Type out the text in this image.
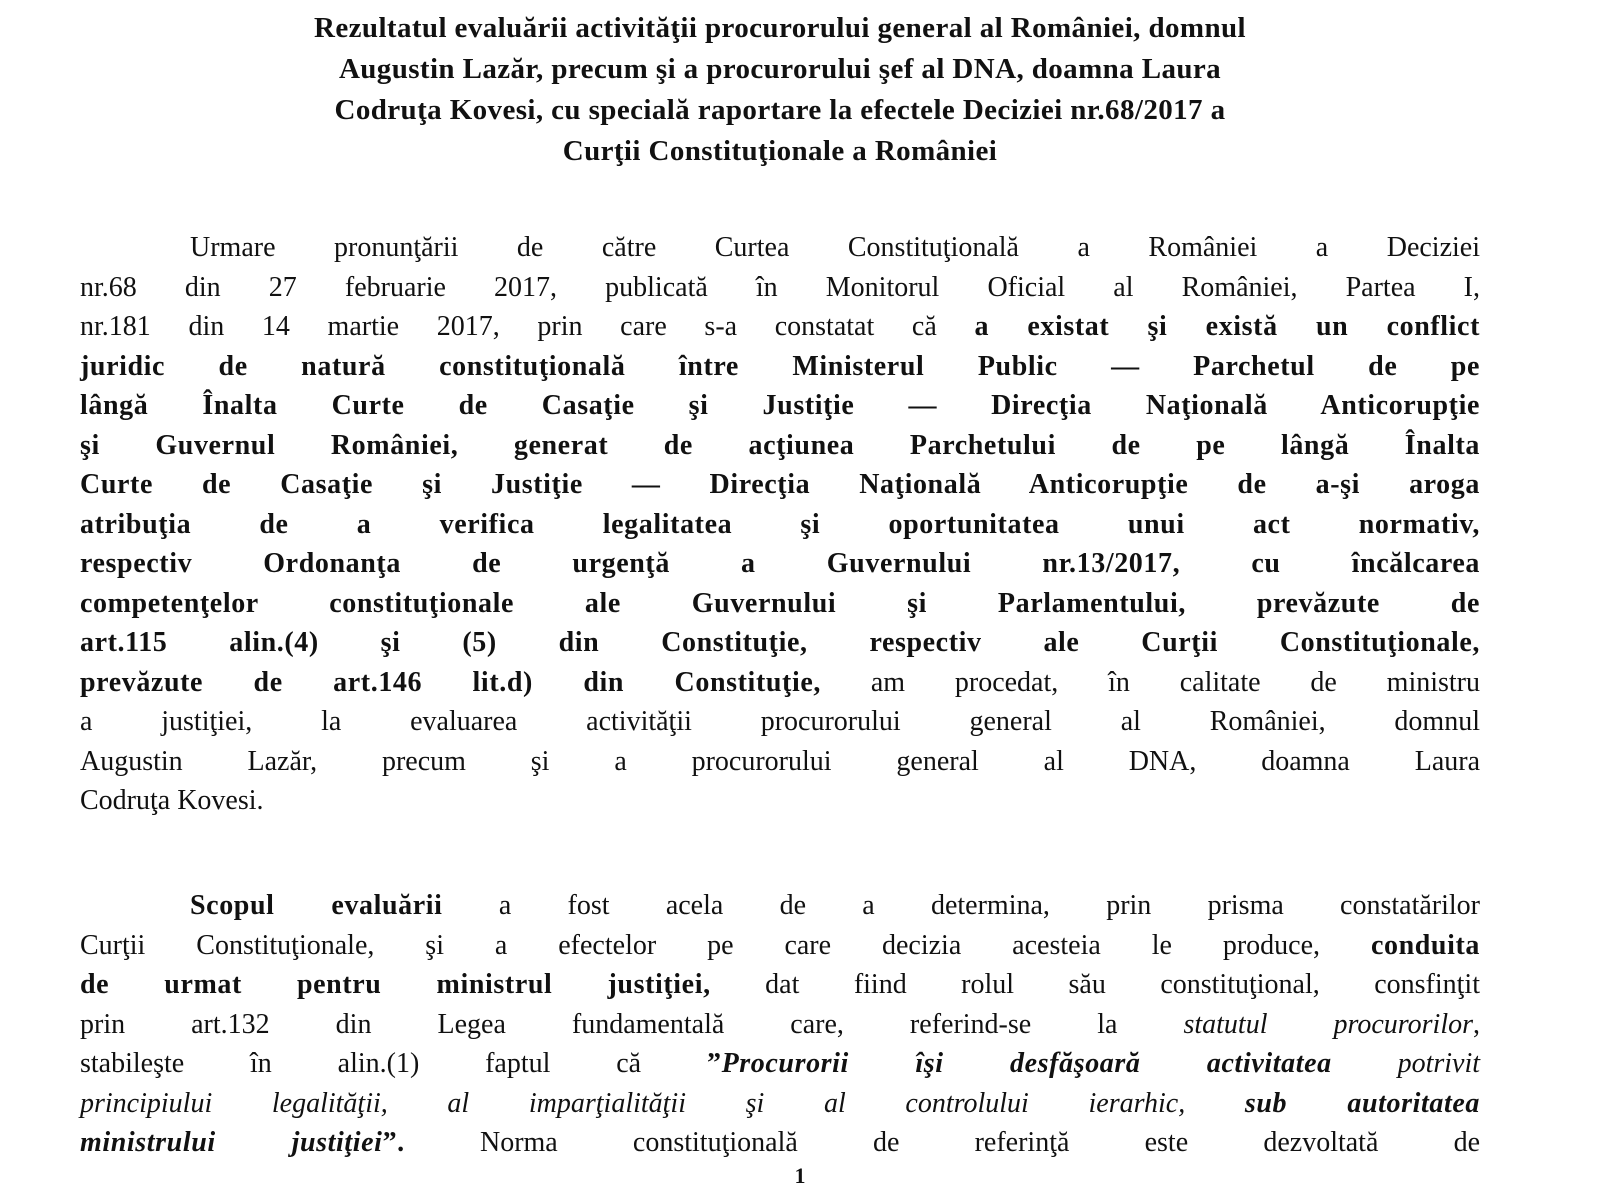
Rezultatul evaluării activităţii procurorului general al României, domnul
Augustin Lazăr, precum şi a procurorului şef al DNA, doamna Laura
Codruţa Kovesi, cu specială raportare la efectele Deciziei nr.68/2017 a
Curţii Constituţionale a României
Urmare pronunţării de către Curtea Constituţională a României a Deciziei
nr.68 din 27 februarie 2017, publicată în Monitorul Oficial al României, Partea I,
nr.181 din 14 martie 2017, prin care s-a constatat că a existat şi există un conflict
juridic de natură constituţională între Ministerul Public — Parchetul de pe
lângă Înalta Curte de Casaţie şi Justiţie — Direcţia Naţională Anticorupţie
şi Guvernul României, generat de acţiunea Parchetului de pe lângă Înalta
Curte de Casaţie şi Justiţie — Direcţia Naţională Anticorupţie de a-şi aroga
atribuţia de a verifica legalitatea şi oportunitatea unui act normativ,
respectiv Ordonanţa de urgenţă a Guvernului nr.13/2017, cu încălcarea
competenţelor constituţionale ale Guvernului şi Parlamentului, prevăzute de
art.115 alin.(4) şi (5) din Constituţie, respectiv ale Curţii Constituţionale,
prevăzute de art.146 lit.d) din Constituţie, am procedat, în calitate de ministru
a justiţiei, la evaluarea activităţii procurorului general al României, domnul
Augustin Lazăr, precum şi a procurorului general al DNA, doamna Laura
Codruţa Kovesi.
Scopul evaluării a fost acela de a determina, prin prisma constatărilor
Curţii Constituţionale, şi a efectelor pe care decizia acesteia le produce, conduita
de urmat pentru ministrul justiţiei, dat fiind rolul său constituţional, consfinţit
prin art.132 din Legea fundamentală care, referind-se la statutul procurorilor,
stabileşte în alin.(1) faptul că ”Procurorii îşi desfăşoară activitatea potrivit
principiului legalităţii, al imparţialităţii şi al controlului ierarhic, sub autoritatea
ministrului justiţiei”.	Norma constituţională de referinţă este dezvoltată de
1
